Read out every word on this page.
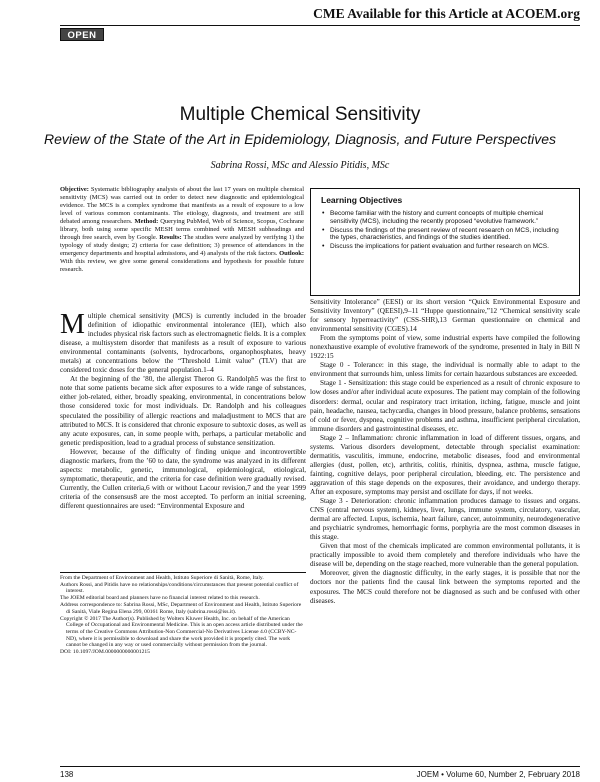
CME Available for this Article at ACOEM.org
OPEN
Multiple Chemical Sensitivity
Review of the State of the Art in Epidemiology, Diagnosis, and Future Perspectives
Sabrina Rossi, MSc and Alessio Pitidis, MSc
Objective: Systematic bibliography analysis of about the last 17 years on multiple chemical sensitivity (MCS) was carried out in order to detect new diagnostic and epidemiological evidence. The MCS is a complex syndrome that manifests as a result of exposure to a low level of various common contaminants. The etiology, diagnosis, and treatment are still debated among researchers. Method: Querying PubMed, Web of Science, Scopus, Cochrane library, both using some specific MESH terms combined with MESH subheadings and through free search, even by Google. Results: The studies were analyzed by verifying 1) the typology of study design; 2) criteria for case definition; 3) presence of attendances in the emergency departments and hospital admissions, and 4) analysis of the risk factors. Outlook: With this review, we give some general considerations and hypothesis for possible future research.
Learning Objectives
• Become familiar with the history and current concepts of multiple chemical sensitivity (MCS), including the recently proposed “evolutive framework.”
• Discuss the findings of the present review of recent research on MCS, including the types, characteristics, and findings of the studies identified.
• Discuss the implications for patient evaluation and further research on MCS.
M ultiple chemical sensitivity (MCS) is currently included in the broader definition of idiopathic environmental intolerance (IEI), which also includes physical risk factors such as electromagnetic fields. It is a complex disease, a multisystem disorder that manifests as a result of exposure to various environmental contaminants (solvents, hydrocarbons, organophosphates, heavy metals) at concentrations below the “Threshold Limit value” (TLV) that are considered toxic doses for the general population.1–4

At the beginning of the ’80, the allergist Theron G. Randolph5 was the first to note that some patients became sick after exposures to a wide range of substances, either job-related, either, broadly speaking, environmental, in concentrations below those considered toxic for most individuals. Dr. Randolph and his colleagues speculated the possibility of allergic reactions and maladjustment to MCS that are attributed to MCS. It is considered that chronic exposure to subtoxic doses, as well as any acute exposures, can, in some people with, perhaps, a particular metabolic and genetic predisposition, lead to a gradual process of substance sensitization.

However, because of the difficulty of finding unique and incontrovertible diagnostic markers, from the ’60 to date, the syndrome was analyzed in its different aspects: metabolic, genetic, immunological, epidemiological, etiological, symptomatic, therapeutic, and the criteria for case definition were gradually revised. Currently, the Cullen criteria,6 with or without Lacour revision,7 and the year 1999 criteria of the consensus8 are the most accepted. To perform an initial screening, different questionnaires are used: “Environmental Exposure and

From the Department of Environment and Health, Istituto Superiore di Sanità, Rome, Italy.
Authors Rossi, and Pitidis have no relationships/conditions/circumstances that present potential conflict of interest.
The JOEM editorial board and planners have no financial interest related to this research.
Address correspondence to: Sabrina Rossi, MSc, Department of Environment and Health, Istituto Superiore di Sanità, Viale Regina Elena 299, 00161 Rome, Italy (sabrina.rossi@iss.it).
Copyright © 2017 The Author(s). Published by Wolters Kluwer Health, Inc. on behalf of the American College of Occupational and Environmental Medicine. This is an open access article distributed under the terms of the Creative Commons Attribution-Non Commercial-No Derivatives License 4.0 (CCBY-NC-ND), where it is permissible to download and share the work provided it is properly cited. The work cannot be changed in any way or used commercially without permission from the journal.
DOI: 10.1097/JOM.0000000000001215
Sensitivity Intolerance” (EESI) or its short version “Quick Environmental Exposure and Sensitivity Inventory” (QEESI),9–11 “Huppe questionnaire,”12 “Chemical sensitivity scale for sensory hyperreactivity” (CSS-SHR),13 German questionnaire on chemical and environmental sensitivity (CGES).14

From the symptoms point of view, some industrial experts have compiled the following nonexhaustive example of evolutive framework of the syndrome, presented in Italy in Bill N 1922:15

Stage 0 - Tolerance: in this stage, the individual is normally able to adapt to the environment that surrounds him, unless limits for certain hazardous substances are exceeded.

Stage 1 - Sensitization: this stage could be experienced as a result of chronic exposure to low doses and/or after individual acute exposures. The patient may complain of the following disorders: dermal, ocular and respiratory tract irritation, itching, fatigue, muscle and joint pain, headache, nausea, tachycardia, changes in blood pressure, balance problems, sensations of cold or fever, dyspnea, cognitive problems and asthma, insufficient peripheral circulation, immune disorders and gastrointestinal diseases, etc.

Stage 2 – Inflammation: chronic inflammation in load of different tissues, organs, and systems. Various disorders development, detectable through specialist examination: dermatitis, vasculitis, immune, endocrine, metabolic diseases, food and environmental allergies (dust, pollen, etc), arthritis, colitis, rhinitis, dyspnea, asthma, muscle fatigue, fainting, cognitive delays, poor peripheral circulation, bleeding, etc. The persistence and aggravation of this stage depends on the exposures, their avoidance, and undergo therapy. After an exposure, symptoms may persist and oscillate for days, if not weeks.

Stage 3 - Deterioration: chronic inflammation produces damage to tissues and organs. CNS (central nervous system), kidneys, liver, lungs, immune system, circulatory, vascular, dermal are affected. Lupus, ischemia, heart failure, cancer, autoimmunity, neurodegenerative and psychiatric syndromes, hemorrhagic forms, porphyria are the most common diseases in this stage.

Given that most of the chemicals implicated are common environmental pollutants, it is practically impossible to avoid them completely and therefore individuals who have the disease will be, depending on the stage reached, more vulnerable than the general population.

Moreover, given the diagnostic difficulty, in the early stages, it is possible that nor the doctors nor the patients find the causal link between the symptoms reported and the exposures. The MCS could therefore not be diagnosed as such and be confused with other diseases.

138	JOEM • Volume 60, Number 2, February 2018
